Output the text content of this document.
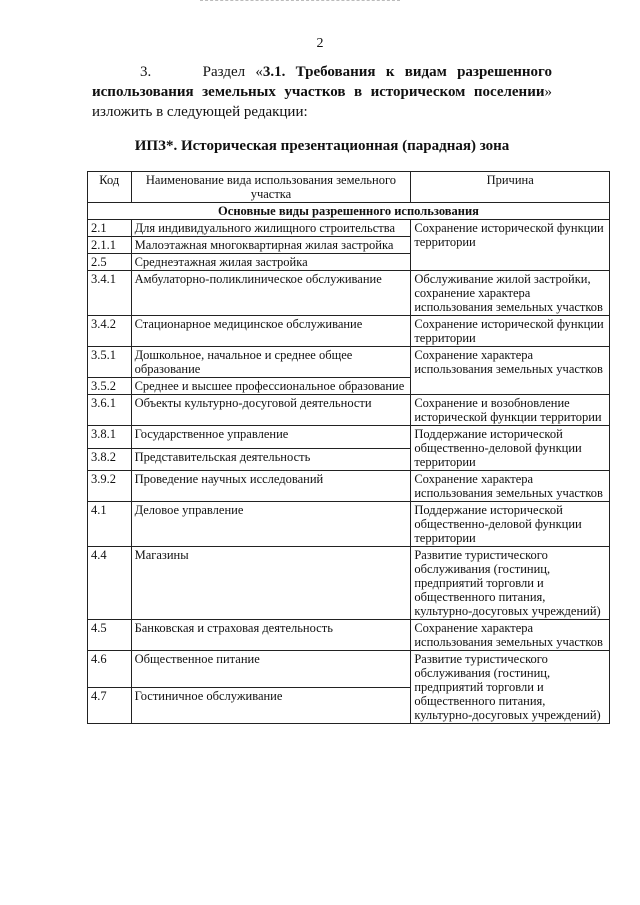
2
3.	Раздел «3.1. Требования к видам разрешенного использования земельных участков в историческом поселении» изложить в следующей редакции:
ИПЗ*. Историческая презентационная (парадная) зона
Код	Наименование вида использования земельного участка	Причина
Основные виды разрешенного использования		
2.1	Для индивидуального жилищного строительства	Сохранение исторической функции территории
2.1.1	Малоэтажная многоквартирная жилая застройка	
2.5	Среднеэтажная жилая застройка	
3.4.1	Амбулаторно-поликлиническое обслуживание	Обслуживание жилой застройки, сохранение характера использования земельных участков
3.4.2	Стационарное медицинское обслуживание	Сохранение исторической функции территории
3.5.1	Дошкольное, начальное и среднее общее образование	Сохранение характера использования земельных участков
3.5.2	Среднее и высшее профессиональное образование	
3.6.1	Объекты культурно-досуговой деятельности	Сохранение и возобновление исторической функции территории
3.8.1	Государственное управление	Поддержание исторической общественно-деловой функции территории
3.8.2	Представительская деятельность	
3.9.2	Проведение научных исследований	Сохранение характера использования земельных участков
4.1	Деловое управление	Поддержание исторической общественно-деловой функции территории
4.4	Магазины	Развитие туристического обслуживания (гостиниц, предприятий торговли и общественного питания, культурно-досуговых учреждений)
4.5	Банковская и страховая деятельность	Сохранение характера использования земельных участков
4.6	Общественное питание	Развитие туристического обслуживания (гостиниц, предприятий торговли и общественного питания, культурно-досуговых учреждений)
4.7	Гостиничное обслуживание	
